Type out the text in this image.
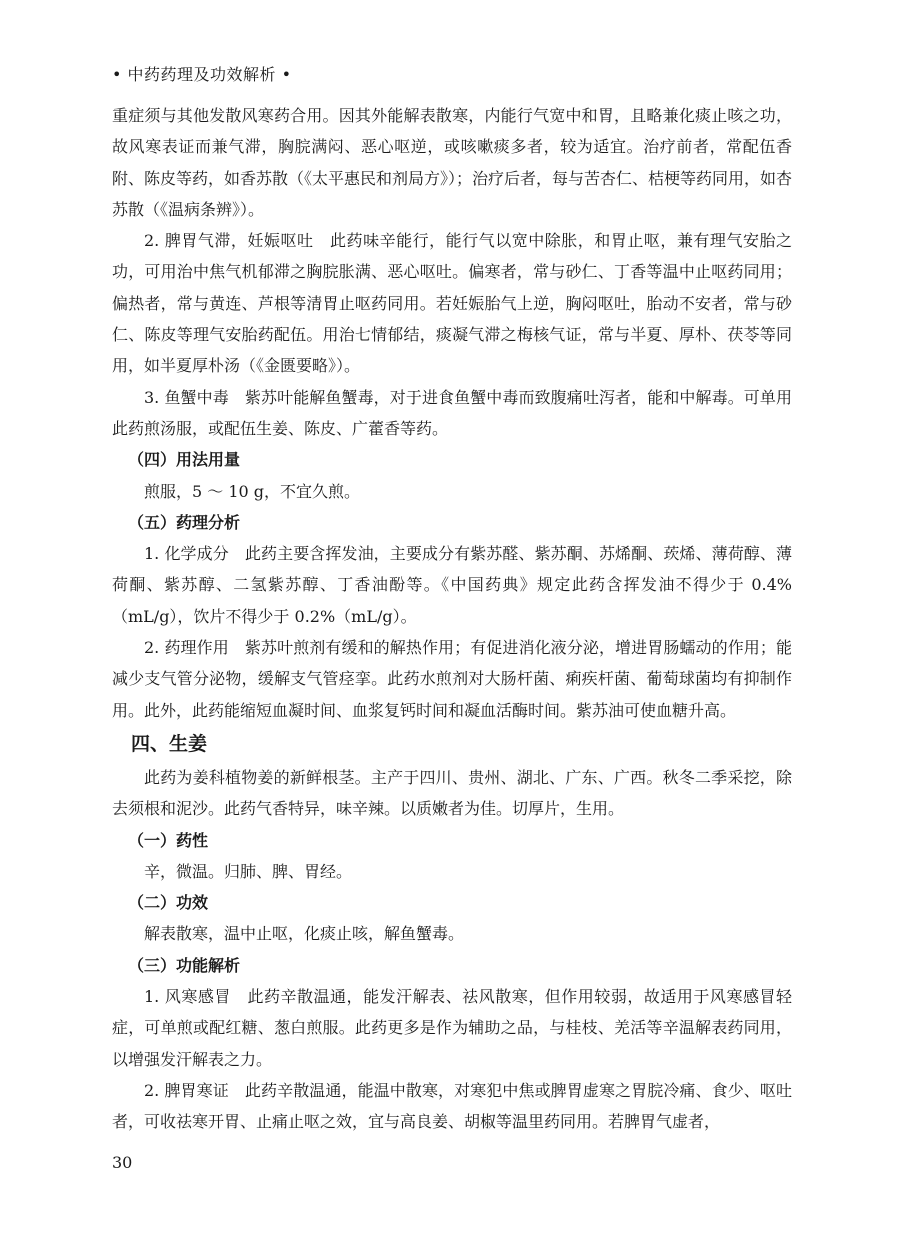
• 中药药理及功效解析 •

重症须与其他发散风寒药合用。因其外能解表散寒，内能行气宽中和胃，且略兼化痰止咳之功，故风寒表证而兼气滞，胸脘满闷、恶心呕逆，或咳嗽痰多者，较为适宜。治疗前者，常配伍香附、陈皮等药，如香苏散（《太平惠民和剂局方》）；治疗后者，每与苦杏仁、桔梗等药同用，如杏苏散（《温病条辨》）。

2. 脾胃气滞，妊娠呕吐　此药味辛能行，能行气以宽中除胀，和胃止呕，兼有理气安胎之功，可用治中焦气机郁滞之胸脘胀满、恶心呕吐。偏寒者，常与砂仁、丁香等温中止呕药同用；偏热者，常与黄连、芦根等清胃止呕药同用。若妊娠胎气上逆，胸闷呕吐，胎动不安者，常与砂仁、陈皮等理气安胎药配伍。用治七情郁结，痰凝气滞之梅核气证，常与半夏、厚朴、茯苓等同用，如半夏厚朴汤（《金匮要略》）。

3. 鱼蟹中毒　紫苏叶能解鱼蟹毒，对于进食鱼蟹中毒而致腹痛吐泻者，能和中解毒。可单用此药煎汤服，或配伍生姜、陈皮、广藿香等药。

（四）用法用量

煎服，5 ～ 10 g，不宜久煎。

（五）药理分析

1. 化学成分　此药主要含挥发油，主要成分有紫苏醛、紫苏酮、苏烯酮、莰烯、薄荷醇、薄荷酮、紫苏醇、二氢紫苏醇、丁香油酚等。《中国药典》规定此药含挥发油不得少于 0.4%（mL/g），饮片不得少于 0.2%（mL/g）。

2. 药理作用　紫苏叶煎剂有缓和的解热作用；有促进消化液分泌，增进胃肠蠕动的作用；能减少支气管分泌物，缓解支气管痉挛。此药水煎剂对大肠杆菌、痢疾杆菌、葡萄球菌均有抑制作用。此外，此药能缩短血凝时间、血浆复钙时间和凝血活酶时间。紫苏油可使血糖升高。

四、生姜

此药为姜科植物姜的新鲜根茎。主产于四川、贵州、湖北、广东、广西。秋冬二季采挖，除去须根和泥沙。此药气香特异，味辛辣。以质嫩者为佳。切厚片，生用。

（一）药性

辛，微温。归肺、脾、胃经。

（二）功效

解表散寒，温中止呕，化痰止咳，解鱼蟹毒。

（三）功能解析

1. 风寒感冒　此药辛散温通，能发汗解表、祛风散寒，但作用较弱，故适用于风寒感冒轻症，可单煎或配红糖、葱白煎服。此药更多是作为辅助之品，与桂枝、羌活等辛温解表药同用，以增强发汗解表之力。

2. 脾胃寒证　此药辛散温通，能温中散寒，对寒犯中焦或脾胃虚寒之胃脘冷痛、食少、呕吐者，可收祛寒开胃、止痛止呕之效，宜与高良姜、胡椒等温里药同用。若脾胃气虚者，

30
